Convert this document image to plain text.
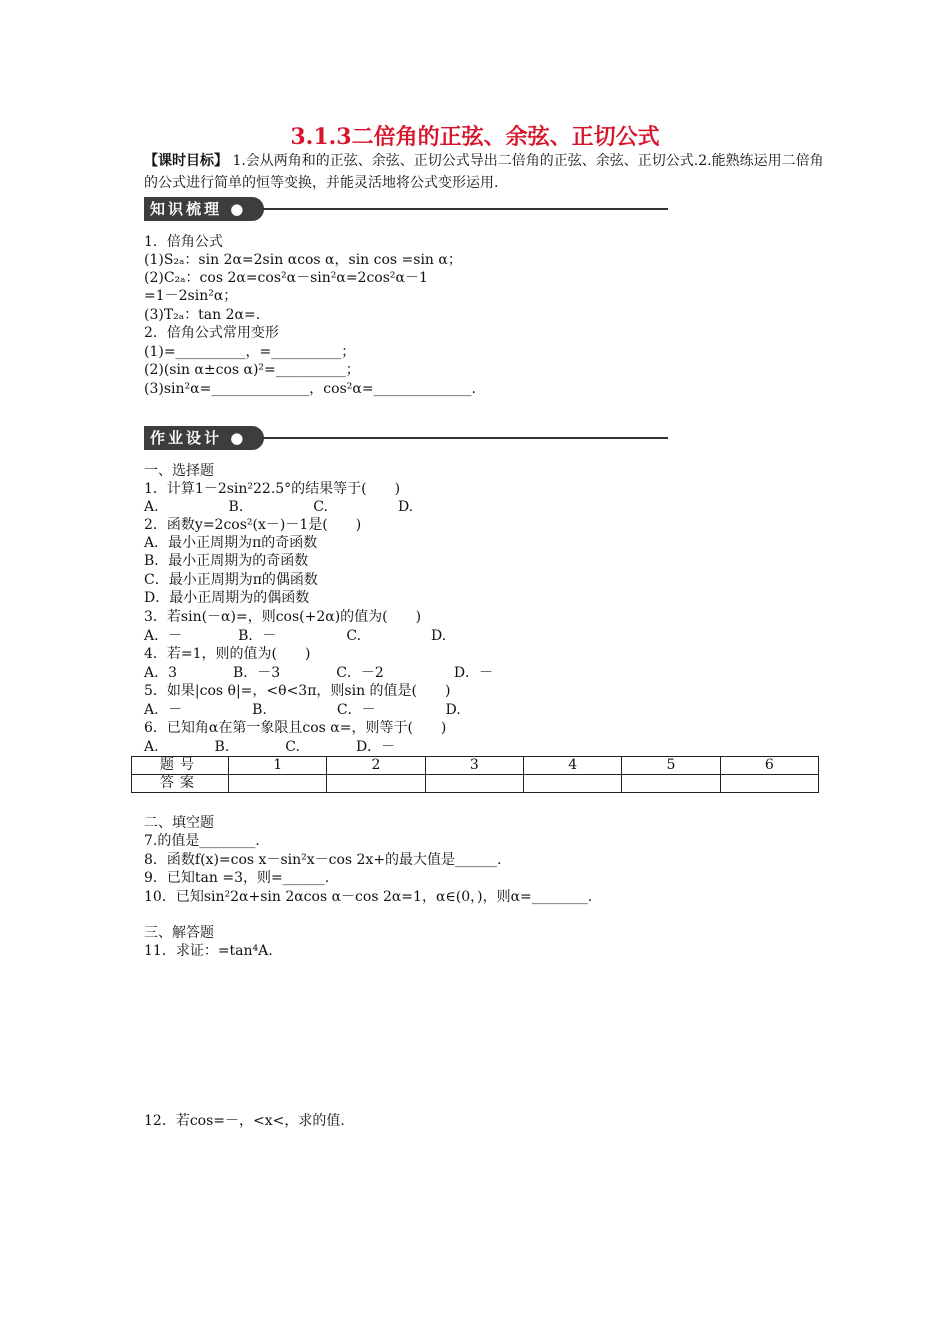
3.1.3二倍角的正弦、余弦、正切公式
【课时目标】 1.会从两角和的正弦、余弦、正切公式导出二倍角的正弦、余弦、正切公式.2.能熟练运用二倍角的公式进行简单的恒等变换，并能灵活地将公式变形运用.
知识梳理 ●
1．倍角公式
(1)S₂ₐ：sin 2α=2sin αcos α，sin cos =sin α；
(2)C₂ₐ：cos 2α=cos²α－sin²α=2cos²α－1
=1－2sin²α；
(3)T₂ₐ：tan 2α=.
2．倍角公式常用变形
(1)=__________，=__________；
(2)(sin α±cos α)²=__________；
(3)sin²α=______________，cos²α=______________.
作业设计 ●
一、选择题
1．计算1－2sin²22.5°的结果等于(　　)
A.　　　　　B.　　　　　C.　　　　　D.
2．函数y=2cos²(x－)－1是(　　)
A．最小正周期为π的奇函数
B．最小正周期为的奇函数
C．最小正周期为π的偶函数
D．最小正周期为的偶函数
3．若sin(－α)=，则cos(+2α)的值为(　　)
A．－　　　　B．－　　　　　C.　　　　　D.
4．若=1，则的值为(　　)
A．3　　　　B．－3　　　　C．－2　　　　　D．－
5．如果|cos θ|=，<θ<3π，则sin 的值是(　　)
A．－　　　　　B.　　　　　C．－　　　　　D.
6．已知角α在第一象限且cos α=，则等于(　　)
A.　　　　B.　　　　C.　　　　D．－
题号	1	2	3	4	5	6
答案						
二、填空题
7.的值是________.
8．函数f(x)=cos x－sin²x－cos 2x+的最大值是______.
9．已知tan =3，则=______.
10．已知sin²2α+sin 2αcos α－cos 2α=1，α∈(0，)，则α=________.
三、解答题
11．求证：=tan⁴A.
12．若cos=－，<x<，求的值.
